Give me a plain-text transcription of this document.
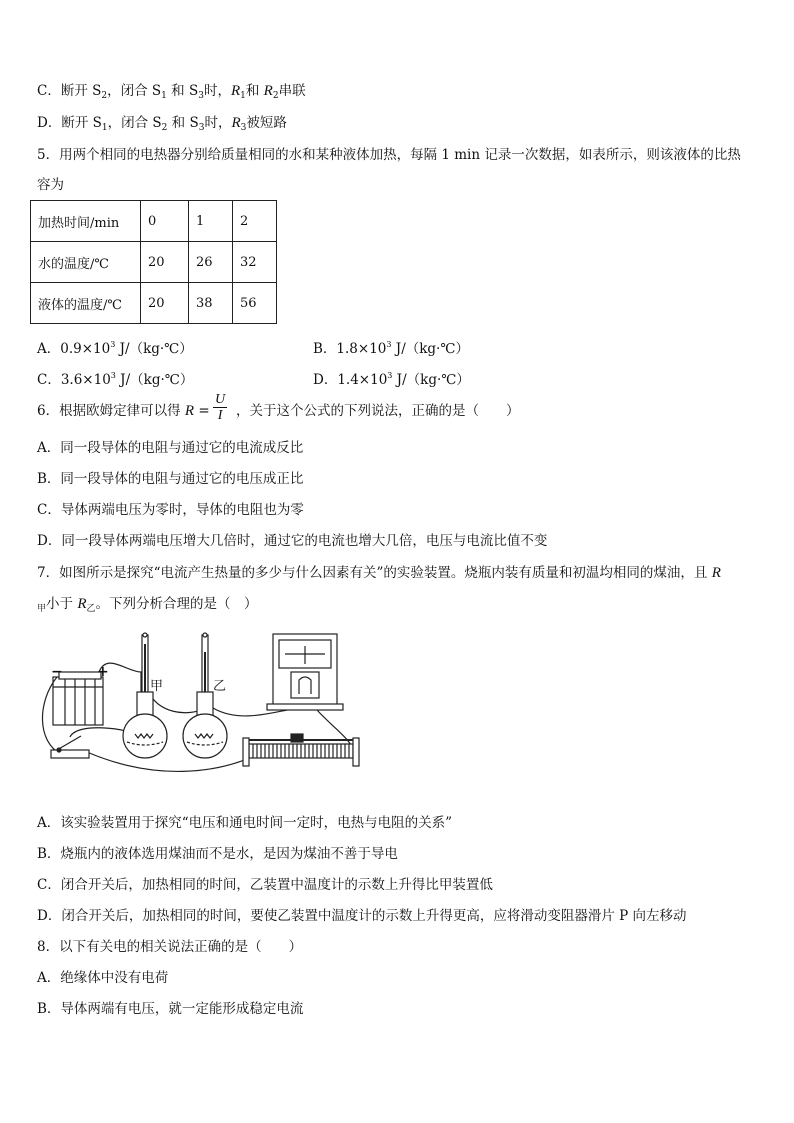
C．断开 $S_2$，闭合 $S_1$ 和 $S_3$时，$R_1$和 $R_2$串联
D．断开 $S_1$，闭合 $S_2$ 和 $S_3$时，$R_3$被短路
5．用两个相同的电热器分别给质量相同的水和某种液体加热，每隔 1 min 记录一次数据，如表所示，则该液体的比热
容为
加热时间/min	0	1	2
水的温度/℃	20	26	32
液体的温度/℃	20	38	56
A．$0.9\times 10^3$ J/（kg·℃）	B．$1.8\times 10^3$ J/（kg·℃）
C．$3.6\times 10^3$ J/（kg·℃）	D．$1.4\times 10^3$ J/（kg·℃）
6．根据欧姆定律可以得 R = ，关于这个公式的下列说法，正确的是（　　）
$\frac{U}{I}$
A．同一段导体的电阻与通过它的电流成反比
B．同一段导体的电阻与通过它的电压成正比
C．导体两端电压为零时，导体的电阻也为零
D．同一段导体两端电压增大几倍时，通过它的电流也增大几倍，电压与电流比值不变
7．如图所示是探究“电流产生热量的多少与什么因素有关”的实验装置。烧瓶内装有质量和初温均相同的煤油，且 R
$_甲$小于 $R_乙$。下列分析合理的是（　）
甲	乙
− +
A．该实验装置用于探究“电压和通电时间一定时，电热与电阻的关系”
B．烧瓶内的液体选用煤油而不是水，是因为煤油不善于导电
C．闭合开关后，加热相同的时间，乙装置中温度计的示数上升得比甲装置低
D．闭合开关后，加热相同的时间，要使乙装置中温度计的示数上升得更高，应将滑动变阻器滑片 P 向左移动
8．以下有关电的相关说法正确的是（　　）
A．绝缘体中没有电荷
B．导体两端有电压，就一定能形成稳定电流
